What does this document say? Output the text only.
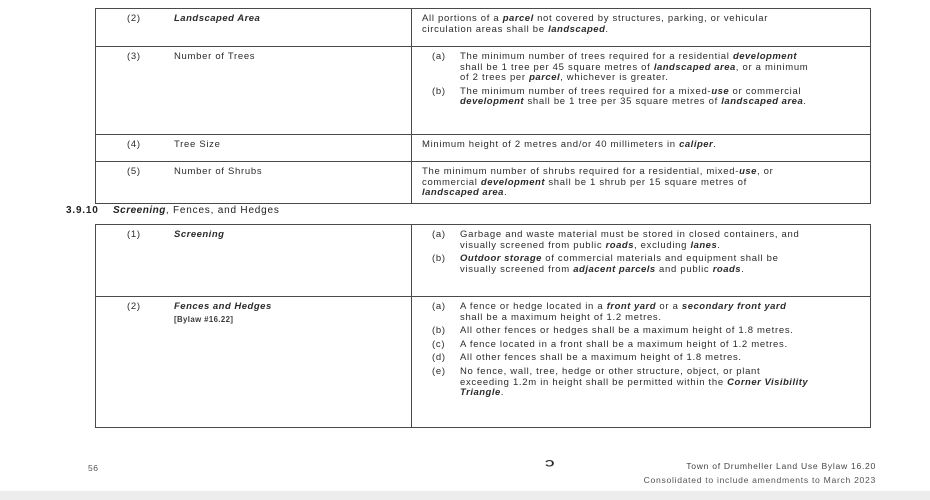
(2)	Landscaped Area	All portions of a parcel not covered by structures, parking, or vehicular circulation areas shall be landscaped.
(3)	Number of Trees	(a)	The minimum number of trees required for a residential development shall be 1 tree per 45 square metres of landscaped area, or a minimum of 2 trees per parcel, whichever is greater.
(b)	The minimum number of trees required for a mixed-use or commercial development shall be 1 tree per 35 square metres of landscaped area.
(4)	Tree Size	Minimum height of 2 metres and/or 40 millimeters in caliper.
(5)	Number of Shrubs	The minimum number of shrubs required for a residential, mixed-use, or commercial development shall be 1 shrub per 15 square metres of landscaped area.
3.9.10 Screening, Fences, and Hedges
(1)	Screening	(a)	Garbage and waste material must be stored in closed containers, and visually screened from public roads, excluding lanes.
(b)	Outdoor storage of commercial materials and equipment shall be visually screened from adjacent parcels and public roads.
(2)	Fences and Hedges
[Bylaw #16.22]
(a)	A fence or hedge located in a front yard or a secondary front yard shall be a maximum height of 1.2 metres.
(b)	All other fences or hedges shall be a maximum height of 1.8 metres.
(c)	A fence located in a front shall be a maximum height of 1.2 metres.
(d)	All other fences shall be a maximum height of 1.8 metres.
(e)	No fence, wall, tree, hedge or other structure, object, or plant exceeding 1.2m in height shall be permitted within the Corner Visibility Triangle.
56	Ɔ	Town of Drumheller Land Use Bylaw 16.20
Consolidated to include amendments to March 2023
